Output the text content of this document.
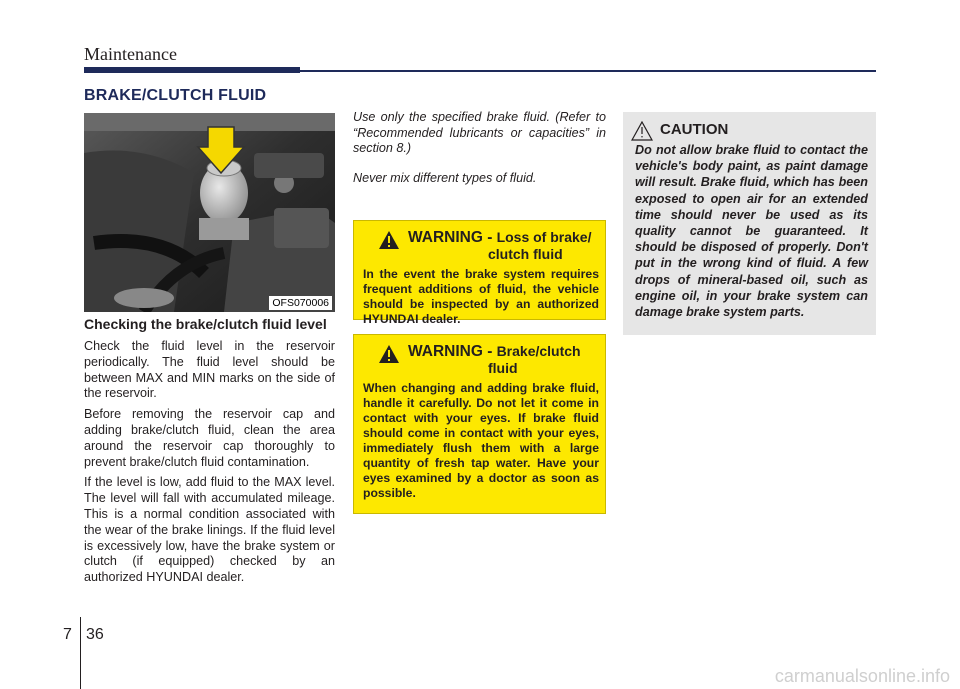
Maintenance
BRAKE/CLUTCH FLUID
OFS070006
Checking the brake/clutch fluid level

Check the fluid level in the reservoir periodically. The fluid level should be between MAX and MIN marks on the side of the reservoir.

Before removing the reservoir cap and adding brake/clutch fluid, clean the area around the reservoir cap thoroughly to prevent brake/clutch fluid contamination.

If the level is low, add fluid to the MAX level. The level will fall with accumulated mileage. This is a normal condition associated with the wear of the brake linings. If the fluid level is excessively low, have the brake system or clutch (if equipped) checked by an authorized HYUNDAI dealer.

Use only the specified brake fluid. (Refer to “Recommended lubricants or capacities” in section 8.)

Never mix different types of fluid.

WARNING - Loss of brake/
clutch fluid
In the event the brake system requires frequent additions of fluid, the vehicle should be inspected by an authorized HYUNDAI dealer.
WARNING - Brake/clutch
fluid
When changing and adding brake fluid, handle it carefully. Do not let it come in contact with your eyes. If brake fluid should come in contact with your eyes, immediately flush them with a large quantity of fresh tap water. Have your eyes examined by a doctor as soon as possible.
CAUTION
Do not allow brake fluid to contact the vehicle's body paint, as paint damage will result. Brake fluid, which has been exposed to open air for an extended time should never be used as its quality cannot be guaranteed. It should be disposed of properly. Don't put in the wrong kind of fluid. A few drops of mineral-based oil, such as engine oil, in your brake system can damage brake system parts.
7 36
carmanualsonline.info
